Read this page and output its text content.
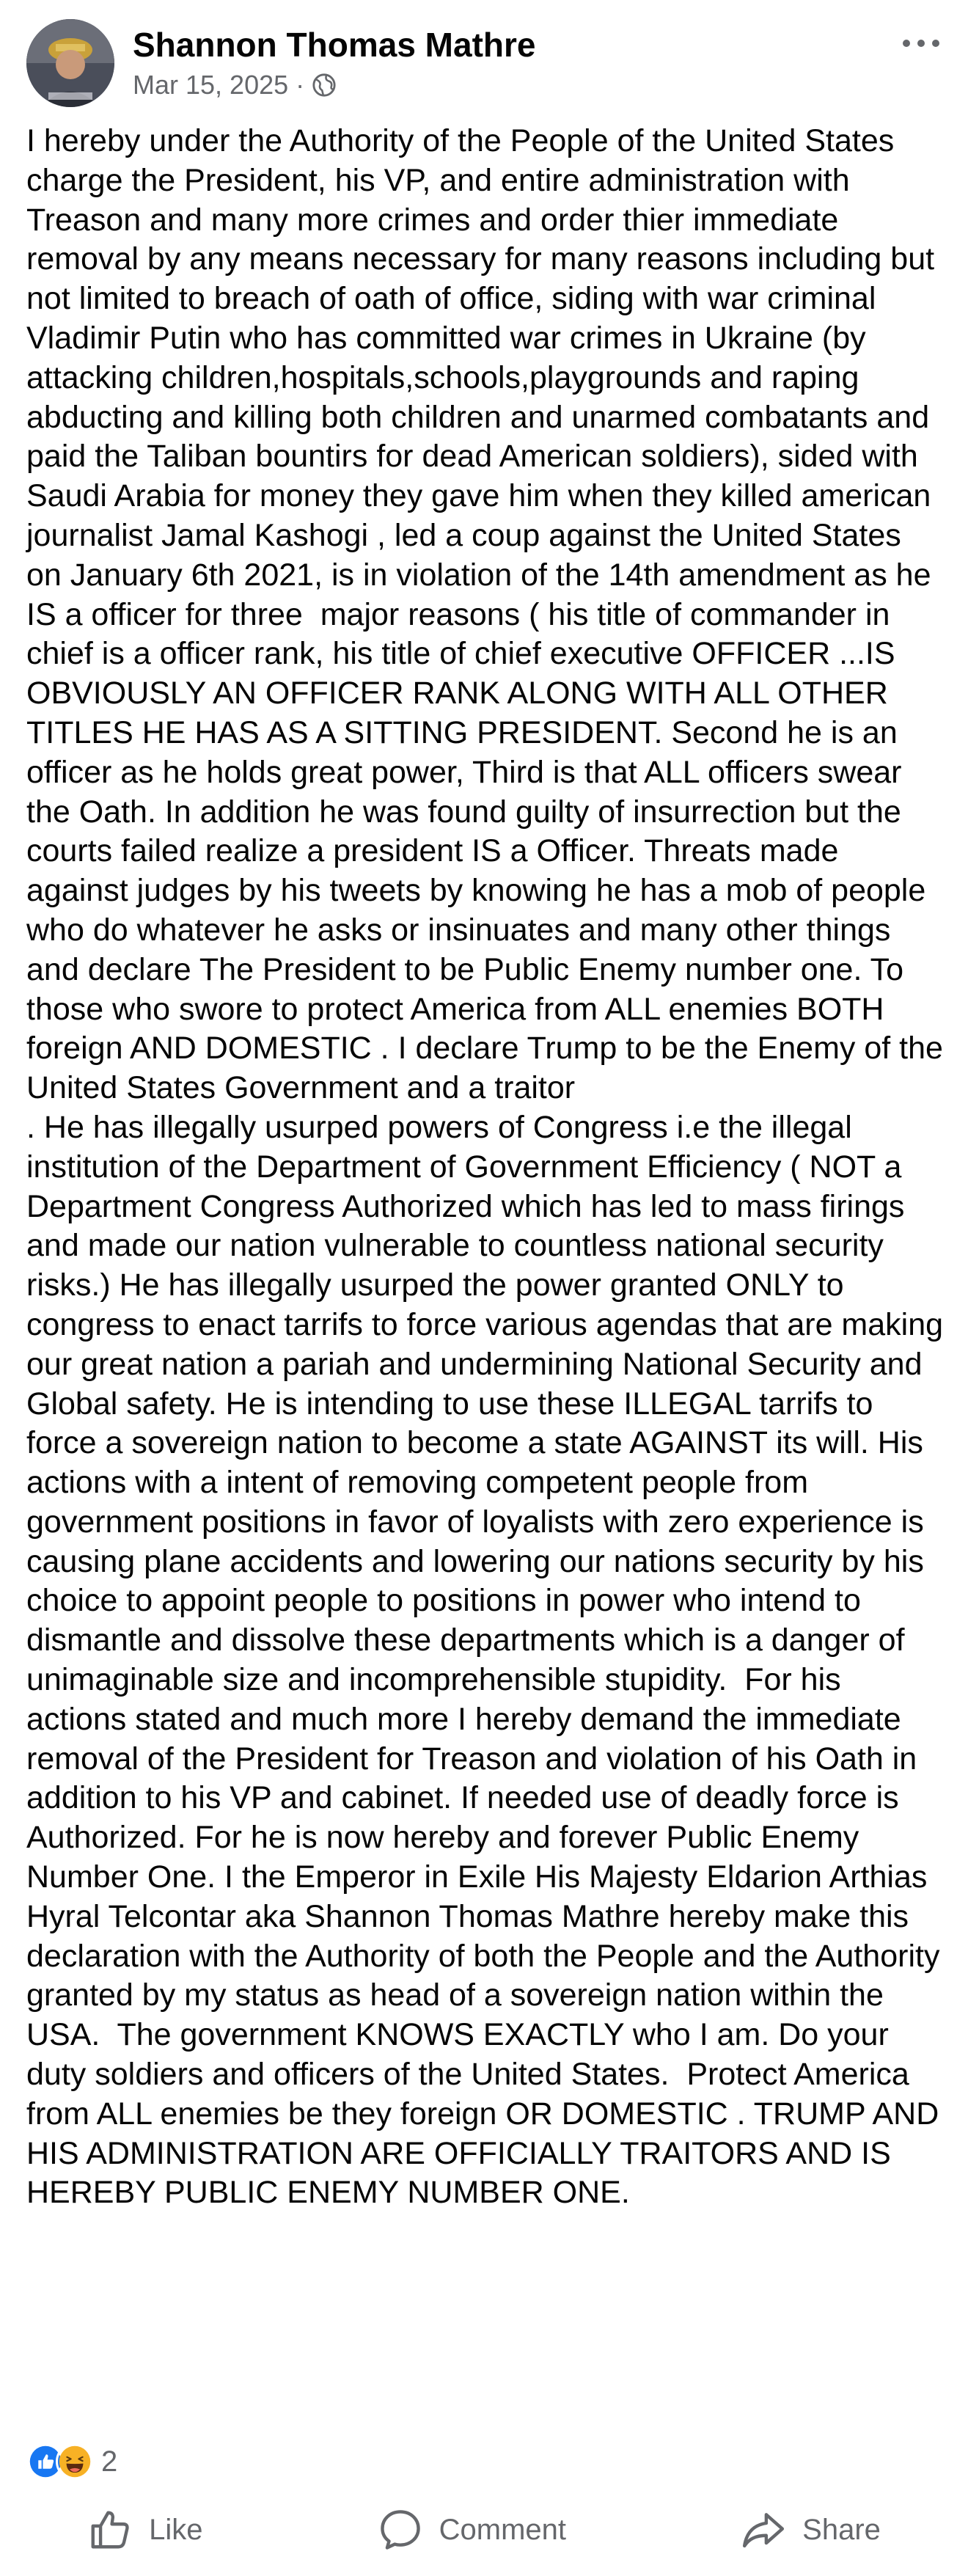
Shannon Thomas Mathre
Mar 15, 2025 ·

I hereby under the Authority of the People of the United States charge the President, his VP, and entire administration with Treason and many more crimes and order thier immediate removal by any means necessary for many reasons including but not limited to breach of oath of office, siding with war criminal Vladimir Putin who has committed war crimes in Ukraine (by attacking children,hospitals,schools,playgrounds and raping abducting and killing both children and unarmed combatants and paid the Taliban bountirs for dead American soldiers), sided with Saudi Arabia for money they gave him when they killed american journalist Jamal Kashogi , led a coup against the United States on January 6th 2021, is in violation of the 14th amendment as he IS a officer for three  major reasons ( his title of commander in chief is a officer rank, his title of chief executive OFFICER ...IS OBVIOUSLY AN OFFICER RANK ALONG WITH ALL OTHER TITLES HE HAS AS A SITTING PRESIDENT. Second he is an officer as he holds great power, Third is that ALL officers swear the Oath. In addition he was found guilty of insurrection but the courts failed realize a president IS a Officer. Threats made against judges by his tweets by knowing he has a mob of people who do whatever he asks or insinuates and many other things and declare The President to be Public Enemy number one. To those who swore to protect America from ALL enemies BOTH foreign AND DOMESTIC . I declare Trump to be the Enemy of the United States Government and a traitor

. He has illegally usurped powers of Congress i.e the illegal institution of the Department of Government Efficiency ( NOT a Department Congress Authorized which has led to mass firings and made our nation vulnerable to countless national security risks.) He has illegally usurped the power granted ONLY to congress to enact tarrifs to force various agendas that are making our great nation a pariah and undermining National Security and Global safety. He is intending to use these ILLEGAL tarrifs to force a sovereign nation to become a state AGAINST its will. His actions with a intent of removing competent people from government positions in favor of loyalists with zero experience is causing plane accidents and lowering our nations security by his choice to appoint people to positions in power who intend to dismantle and dissolve these departments which is a danger of unimaginable size and incomprehensible stupidity.  For his actions stated and much more I hereby demand the immediate removal of the President for Treason and violation of his Oath in addition to his VP and cabinet. If needed use of deadly force is Authorized. For he is now hereby and forever Public Enemy Number One. I the Emperor in Exile His Majesty Eldarion Arthias Hyral Telcontar aka Shannon Thomas Mathre hereby make this declaration with the Authority of both the People and the Authority granted by my status as head of a sovereign nation within the USA.  The government KNOWS EXACTLY who I am. Do your duty soldiers and officers of the United States.  Protect America from ALL enemies be they foreign OR DOMESTIC . TRUMP AND HIS ADMINISTRATION ARE OFFICIALLY TRAITORS AND IS HEREBY PUBLIC ENEMY NUMBER ONE.

2
Like	Comment	Share
